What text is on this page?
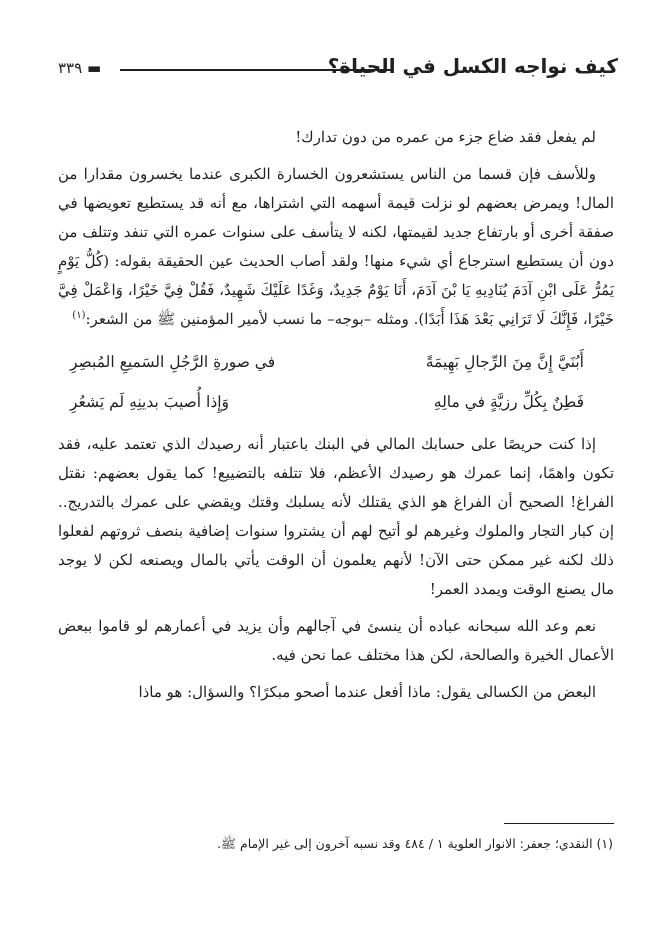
كيف نواجه الكسل في الحياة؟
▬ ٣٣٩

لم يفعل فقد ضاع جزء من عمره من دون تدارك!

وللأسف فإن قسما من الناس يستشعرون الخسارة الكبرى عندما يخسرون مقدارا من المال! ويمرض بعضهم لو نزلت قيمة أسهمه التي اشتراها، مع أنه قد يستطيع تعويضها في صفقة أخرى أو بارتفاع جديد لقيمتها، لكنه لا يتأسف على سنوات عمره التي تنفد وتتلف من دون أن يستطيع استرجاع أي شيء منها! ولقد أصاب الحديث عين الحقيقة بقوله: (كُلُّ يَوْمٍ يَمُرُّ عَلَى ابْنِ آدَمَ يُنَادِيهِ يَا بْنَ آدَمَ، أَنَا يَوْمٌ جَدِيدٌ، وَغَدًا عَلَيْكَ شَهِيدٌ، فَقُلْ فِيَّ خَيْرًا، وَاعْمَلْ فِيَّ خَيْرًا، فَإِنَّكَ لَا تَرَانِي بَعْدَ هَذَا أَبَدًا). ومثله –بوجه– ما نسب لأمير المؤمنين ﷺ من الشعر:$^{(١)}$

أَبُنَيَّ إِنَّ مِنَ الرِّجالِ بَهِيمَةً
في صورةِ الرَّجُلِ السَميعِ المُبصِرِ
فَطِنٌ بِكُلِّ رزيَّةٍ في مالِهِ
وَإِذا أُصيبَ بدينِهِ لَم يَشعُرِ

إذا كنت حريصًا على حسابك المالي في البنك باعتبار أنه رصيدك الذي تعتمد عليه، فقد تكون واهمًا، إنما عمرك هو رصيدك الأعظم، فلا تتلفه بالتضييع! كما يقول بعضهم: نقتل الفراغ! الصحيح أن الفراغ هو الذي يقتلك لأنه يسلبك وقتك ويقضي على عمرك بالتدريج.. إن كبار التجار والملوك وغيرهم لو أتيح لهم أن يشتروا سنوات إضافية بنصف ثروتهم لفعلوا ذلك لكنه غير ممكن حتى الآن! لأنهم يعلمون أن الوقت يأتي بالمال ويصنعه لكن لا يوجد مال يصنع الوقت ويمدد العمر!

نعم وعد الله سبحانه عباده أن ينسئ في آجالهم وأن يزيد في أعمارهم لو قاموا ببعض الأعمال الخيرة والصالحة، لكن هذا مختلف عما نحن فيه.

البعض من الكسالى يقول: ماذا أفعل عندما أصحو مبكرًا؟ والسؤال: هو ماذا

(١) النقدي؛ جعفر: الانوار العلوية ١ / ٤٨٤ وقد نسبه آخرون إلى غير الإمام ﷺ.
